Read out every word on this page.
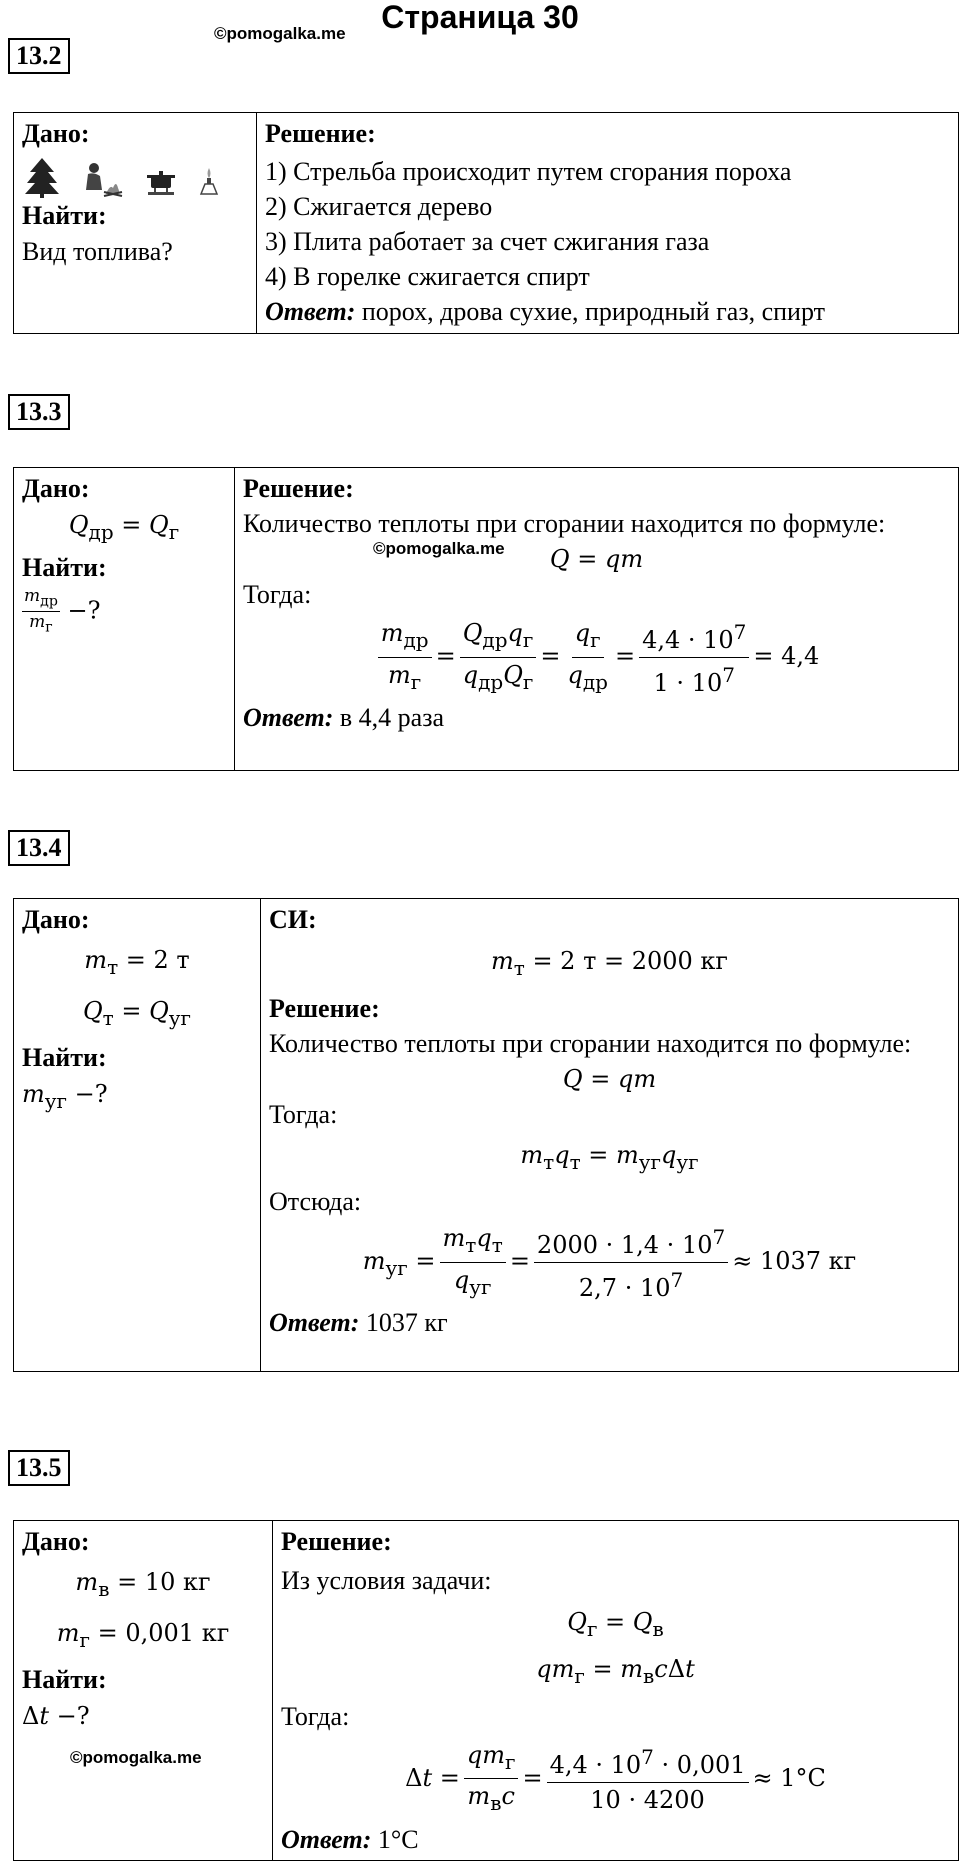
Страница 30
©pomogalka.me
13.2
Дано:
Найти:
Вид топлива?

Решение:
1) Стрельба происходит путем сгорания пороха
2) Сжигается дерево
3) Плита работает за счет сжигания газа
4) В горелке сжигается спирт
Ответ: порох, дрова сухие, природный газ, спирт
13.3
Дано:
$Q_{др} = Q_г$
Найти:
$m_{др}$
$m_г$
−?

Решение:
Количество теплоты при сгорании находится по формуле:
©pomogalka.me Q = qm
Тогда:
$m_{др}$
$m_г$
=
$Q_{др}q_г$
$q_{др}Q_г$
=
$q_г$
$q_{др}$
= $\frac{4,4 \cdot 10^7}{1 \cdot 10^7} = 4,4$
Ответ: в 4,4 раза
13.4
Дано:
$m_т = 2$ т
$Q_т = Q_{уг}$
Найти:
$m_{уг}$ −?

СИ:
$m_т = 2$ т = 2000 кг
Решение:
Количество теплоты при сгорании находится по формуле:
Q = qm
Тогда:
$m_тq_т = m_{уг}q_{уг}$
Отсюда:
$m_{уг}$ =
$m_тq_т$
$q_{уг}$
= $\frac{2000 \cdot 1,4 \cdot 10^7}{2,7 \cdot 10^7} \approx 1037$ кг
Ответ: 1037 кг
13.5
Дано:
$m_в = 10$ кг
$m_г = 0,001$ кг
Найти:
Δt −?
©pomogalka.me

Решение:
Из условия задачи:
$Q_г = Q_в$
$qm_г = m_вc\Delta t$
Тогда:
Δt =
$qm_г$
$m_вc$
= $\frac{4,4 \cdot 10^7 \cdot 0,001}{10 \cdot 4200} \approx 1^\circ C$
Ответ: 1°C
